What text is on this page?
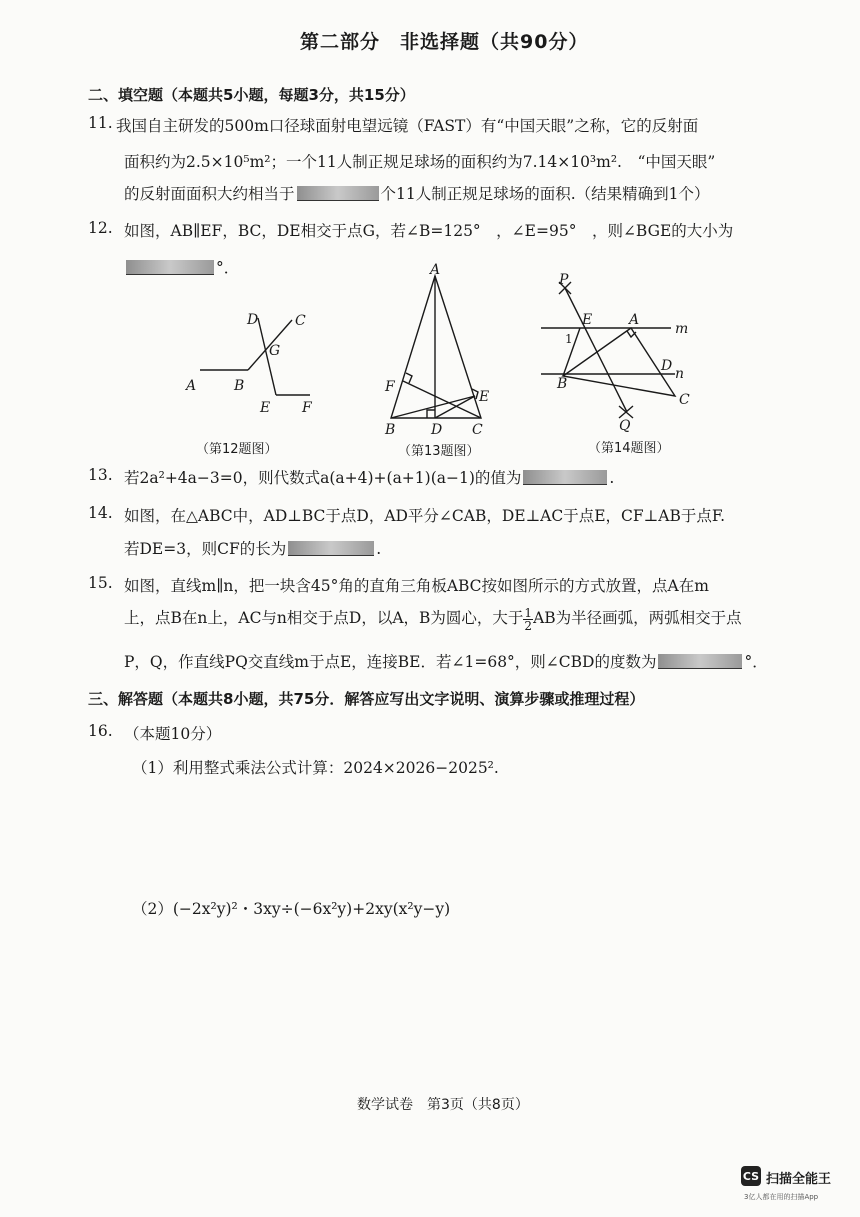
第二部分　非选择题（共90分）
二、填空题（本题共5小题，每题3分，共15分）
11. 我国自主研发的500m口径球面射电望远镜（FAST）有“中国天眼”之称，它的反射面
面积约为2.5×10⁵m²；一个11人制正规足球场的面积约为7.14×10³m².　“中国天眼”
的反射面面积大约相当于	个11人制正规足球场的面积.（结果精确到1个）
12. 如图，AB∥EF，BC，DE相交于点G，若∠B=125°　，∠E=95°　，则∠BGE的大小为
°．
A	B
C
D
E F
G
（第12题图）
A
B	D C
F
E
（第13题图）
P
Q
E	A
m
D n
B
C
1
（第14题图）
13. 若2a²+4a−3=0，则代数式a(a+4)+(a+1)(a−1)的值为	.
14. 如图，在△ABC中，AD⊥BC于点D，AD平分∠CAB，DE⊥AC于点E，CF⊥AB于点F.
若DE=3，则CF的长为	.
15. 如图，直线m∥n，把一块含45°角的直角三角板ABC按如图所示的方式放置，点A在m
上，点B在n上，AC与n相交于点D，以A，B为圆心，大于 $\frac{1}{2}$ AB为半径画弧，两弧相交于点
P，Q，作直线PQ交直线m于点E，连接BE．若∠1=68°，则∠CBD的度数为	°．
三、解答题（本题共8小题，共75分．解答应写出文字说明、演算步骤或推理过程）
16. （本题10分）
（1）利用整式乘法公式计算：2024×2026−2025².
（2）(−2x²y)²・3xy÷(−6x²y)+2xy(x²y−y)
数学试卷　第3页（共8页）
CS 扫描全能王
3亿人都在用的扫描App
